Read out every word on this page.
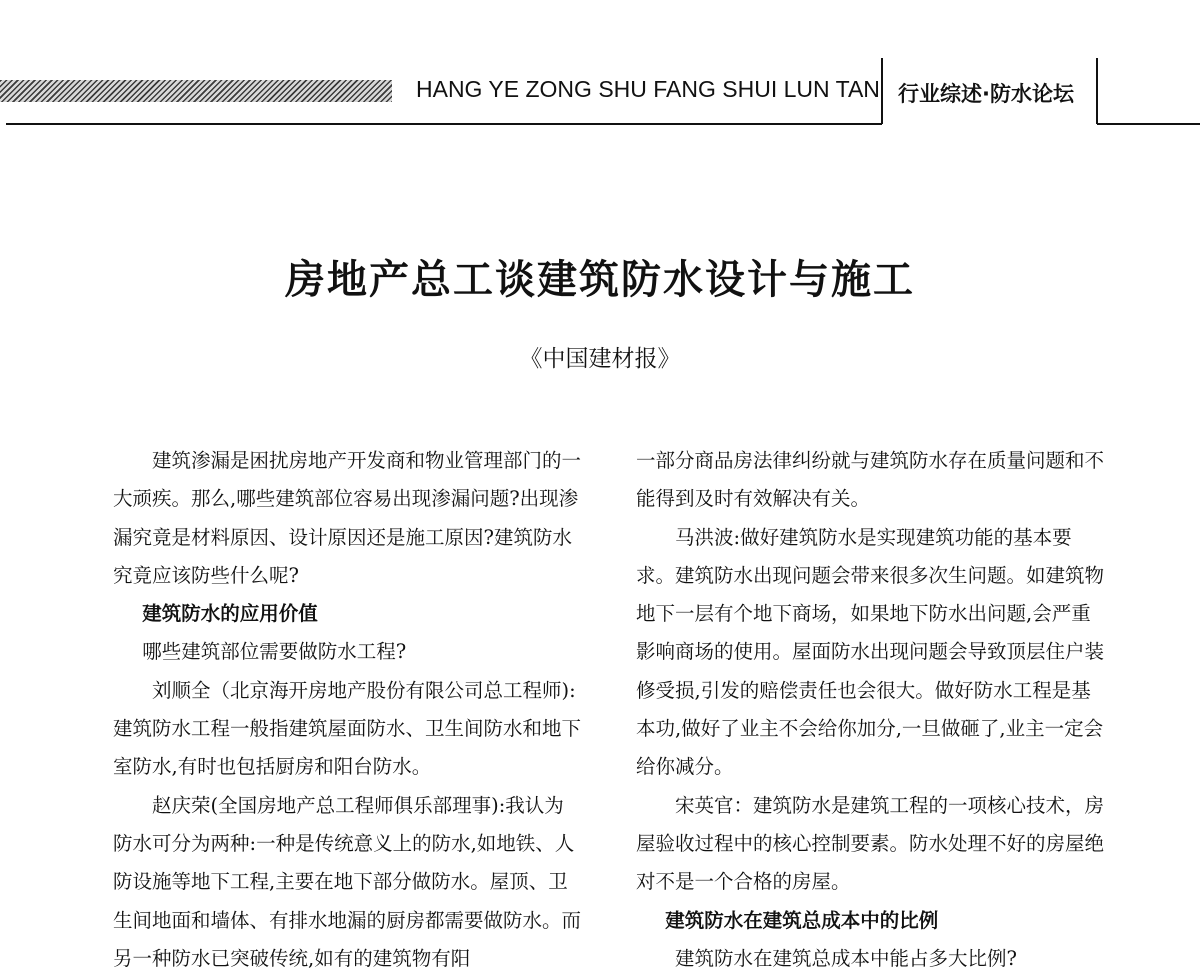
HANG YE ZONG SHU FANG SHUI LUN TAN 行业综述·防水论坛
房地产总工谈建筑防水设计与施工
《中国建材报》

建筑渗漏是困扰房地产开发商和物业管理部门的一大顽疾。那么,哪些建筑部位容易出现渗漏问题?出现渗漏究竟是材料原因、设计原因还是施工原因?建筑防水究竟应该防些什么呢?

建筑防水的应用价值

哪些建筑部位需要做防水工程?

刘顺全（北京海开房地产股份有限公司总工程师):建筑防水工程一般指建筑屋面防水、卫生间防水和地下室防水,有时也包括厨房和阳台防水。

赵庆荣(全国房地产总工程师俱乐部理事):我认为防水可分为两种:一种是传统意义上的防水,如地铁、人防设施等地下工程,主要在地下部分做防水。屋顶、卫生间地面和墙体、有排水地漏的厨房都需要做防水。而另一种防水已突破传统,如有的建筑物有阳

一部分商品房法律纠纷就与建筑防水存在质量问题和不能得到及时有效解决有关。

马洪波:做好建筑防水是实现建筑功能的基本要求。建筑防水出现问题会带来很多次生问题。如建筑物地下一层有个地下商场，如果地下防水出问题,会严重影响商场的使用。屋面防水出现问题会导致顶层住户装修受损,引发的赔偿责任也会很大。做好防水工程是基本功,做好了业主不会给你加分,一旦做砸了,业主一定会给你减分。

宋英官：建筑防水是建筑工程的一项核心技术，房屋验收过程中的核心控制要素。防水处理不好的房屋绝对不是一个合格的房屋。

建筑防水在建筑总成本中的比例

建筑防水在建筑总成本中能占多大比例?
